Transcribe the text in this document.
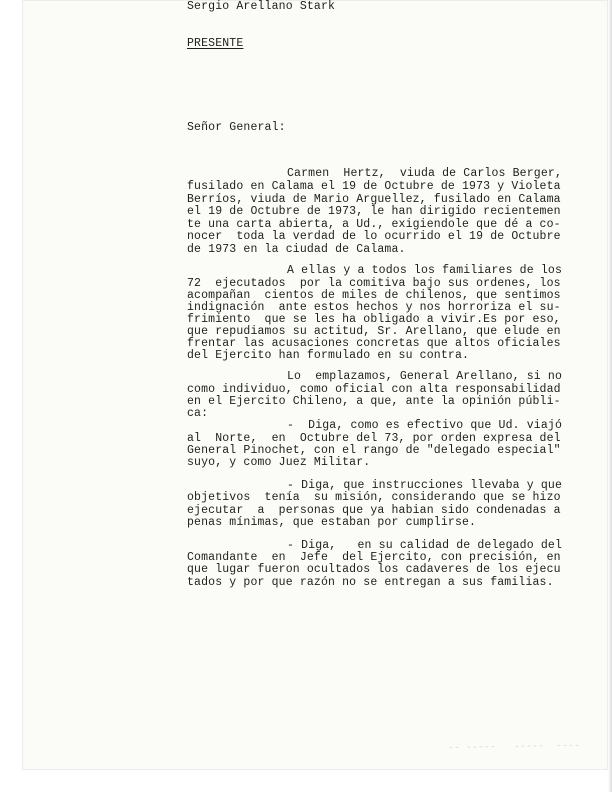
Sergio Arellano Stark
PRESENTE
Señor General:
Carmen  Hertz,  viuda de Carlos Berger,
fusilado en Calama el 19 de Octubre de 1973 y Violeta
Berríos, viuda de Mario Arguellez, fusilado en Calama
el 19 de Octubre de 1973, le han dirigido recientemen
te una carta abierta, a Ud., exigiendole que dé a co-
nocer  toda la verdad de lo ocurrido el 19 de Octubre
de 1973 en la ciudad de Calama.
A ellas y a todos los familiares de los
72  ejecutados  por la comitiva bajo sus ordenes, los
acompañan  cientos de miles de chilenos, que sentimos
indignación  ante estos hechos y nos horroriza el su-
frimiento  que se les ha obligado a vivir.Es por eso,
que repudiamos su actitud, Sr. Arellano, que elude en
frentar las acusaciones concretas que altos oficiales
del Ejercito han formulado en su contra.
Lo  emplazamos, General Arellano, si no
como individuo, como oficial con alta responsabilidad
en el Ejercito Chileno, a que, ante la opinión públi-
ca:
-  Diga, como es efectivo que Ud. viajó
al  Norte,  en  Octubre del 73, por orden expresa del
General Pinochet, con el rango de "delegado especial"
suyo, y como Juez Militar.
- Diga, que instrucciones llevaba y que
objetivos  tenía  su misión, considerando que se hizo
ejecutar  a  personas que ya habian sido condenadas a
penas mínimas, que estaban por cumplirse.
- Diga,   en su calidad de delegado del
Comandante  en  Jefe  del Ejercito, con precisión, en
que lugar fueron ocultados los cadaveres de los ejecu
tados y por que razón no se entregan a sus familias.
-- -----   -----  ----
